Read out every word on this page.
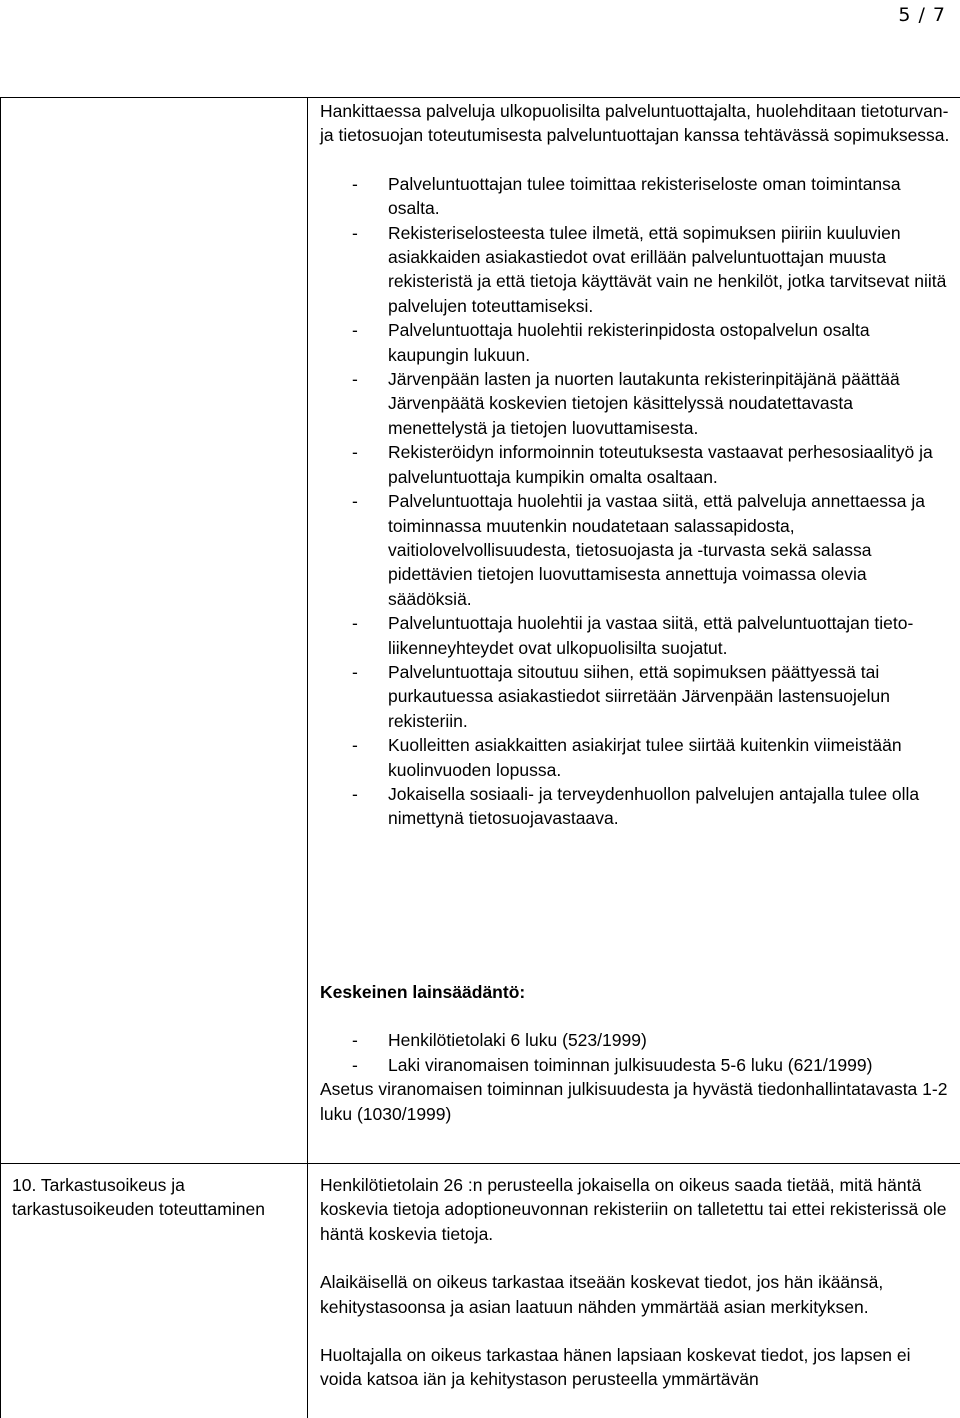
5 / 7

Hankittaessa palveluja ulkopuolisilta palveluntuottajalta, huolehditaan tietoturvan- ja tietosuojan toteutumisesta palveluntuottajan kanssa tehtävässä sopimuksessa.

- Palveluntuottajan tulee toimittaa rekisteriseloste oman toimintansa osalta.
- Rekisteriselosteesta tulee ilmetä, että sopimuksen piiriin kuuluvien asiakkaiden asiakastiedot ovat erillään palveluntuottajan muusta rekisteristä ja että tietoja käyttävät vain ne henkilöt, jotka tarvitsevat niitä palvelujen toteuttamiseksi.
- Palveluntuottaja huolehtii rekisterinpidosta ostopalvelun osalta kaupungin lukuun.
- Järvenpään lasten ja nuorten lautakunta rekisterinpitäjänä päättää Järvenpäätä koskevien tietojen käsittelyssä noudatettavasta menettelystä ja tietojen luovuttamisesta.
- Rekisteröidyn informoinnin toteutuksesta vastaavat perhesosiaalityö ja palveluntuottaja kumpikin omalta osaltaan.
- Palveluntuottaja huolehtii ja vastaa siitä, että palveluja annettaessa ja toiminnassa muutenkin noudatetaan salassapidosta, vaitiolovelvollisuudesta, tietosuojasta ja -turvasta sekä salassa pidettävien tietojen luovuttamisesta annettuja voimassa olevia säädöksiä.
- Palveluntuottaja huolehtii ja vastaa siitä, että palveluntuottajan tieto-liikenneyhteydet ovat ulkopuolisilta suojatut.
- Palveluntuottaja sitoutuu siihen, että sopimuksen päättyessä tai purkautuessa asiakastiedot siirretään Järvenpään lastensuojelun rekisteriin.
- Kuolleitten asiakkaitten asiakirjat tulee siirtää kuitenkin viimeistään kuolinvuoden lopussa.
- Jokaisella sosiaali- ja terveydenhuollon palvelujen antajalla tulee olla nimettynä tietosuojavastaava.

Keskeinen lainsäädäntö:

- Henkilötietolaki 6 luku (523/1999)
- Laki viranomaisen toiminnan julkisuudesta 5-6 luku (621/1999)

Asetus viranomaisen toiminnan julkisuudesta ja hyvästä tiedonhallintatavasta 1-2 luku (1030/1999)

10. Tarkastusoikeus ja tarkastusoikeuden toteuttaminen

Henkilötietolain 26 :n perusteella jokaisella on oikeus saada tietää, mitä häntä koskevia tietoja adoptioneuvonnan rekisteriin on talletettu tai ettei rekisterissä ole häntä koskevia tietoja.

Alaikäisellä on oikeus tarkastaa itseään koskevat tiedot, jos hän ikäänsä, kehitystasoonsa ja asian laatuun nähden ymmärtää asian merkityksen.

Huoltajalla on oikeus tarkastaa hänen lapsiaan koskevat tiedot, jos lapsen ei voida katsoa iän ja kehitystason perusteella ymmärtävän
